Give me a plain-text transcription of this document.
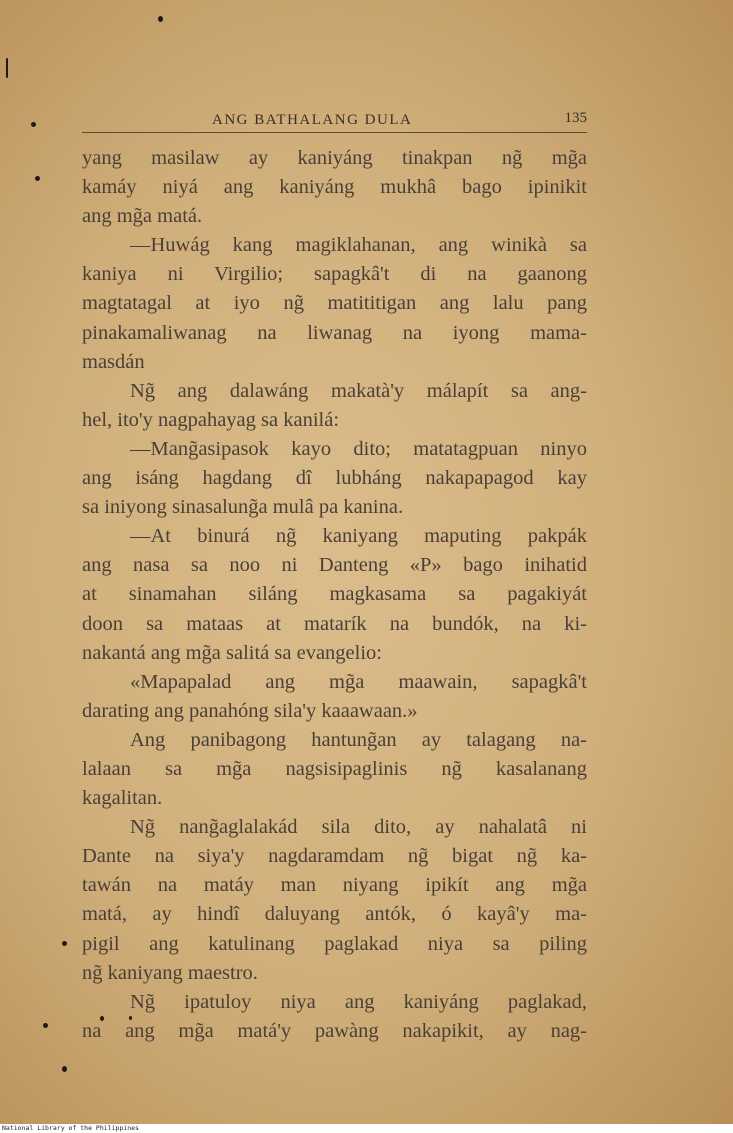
ANG BATHALANG DULA	135
yang masilaw ay kaniyáng tinakpan ng̃ mg̃a
kamáy niyá ang kaniyáng mukhâ bago ipinikit
ang mg̃a matá.
—Huwág kang magiklahanan, ang winikà sa
kaniya ni Virgilio; sapagkâ't di na gaanong
magtatagal at iyo ng̃ matititigan ang lalu pang
pinakamaliwanag na liwanag na iyong mama-
masdán
Ng̃ ang dalawáng makatà'y málapít sa ang-
hel, ito'y nagpahayag sa kanilá:
—Mang̃asipasok kayo dito; matatagpuan ninyo
ang isáng hagdang dî lubháng nakapapagod kay
sa iniyong sinasalung̃a mulâ pa kanina.
—At binurá ng̃ kaniyang maputing pakpák
ang nasa sa noo ni Danteng «P» bago inihatid
at sinamahan siláng magkasama sa pagakiyát
doon sa mataas at matarík na bundók, na ki-
nakantá ang mg̃a salitá sa evangelio:
«Mapapalad ang mg̃a maawain, sapagkâ't
darating ang panahóng sila'y kaaawaan.»
Ang panibagong hantung̃an ay talagang na-
lalaan sa mg̃a nagsisipaglinis ng̃ kasalanang
kagalitan.
Ng̃ nang̃aglalakád sila dito, ay nahalatâ ni
Dante na siya'y nagdaramdam ng̃ bigat ng̃ ka-
tawán na matáy man niyang ipikít ang mg̃a
matá, ay hindî daluyang antók, ó kayâ'y ma-
pigil ang katulinang paglakad niya sa piling
ng̃ kaniyang maestro.
Ng̃ ipatuloy niya ang kaniyáng paglakad,
na ang mg̃a matá'y pawàng nakapikit, ay nag-
National Library of the Philippines
